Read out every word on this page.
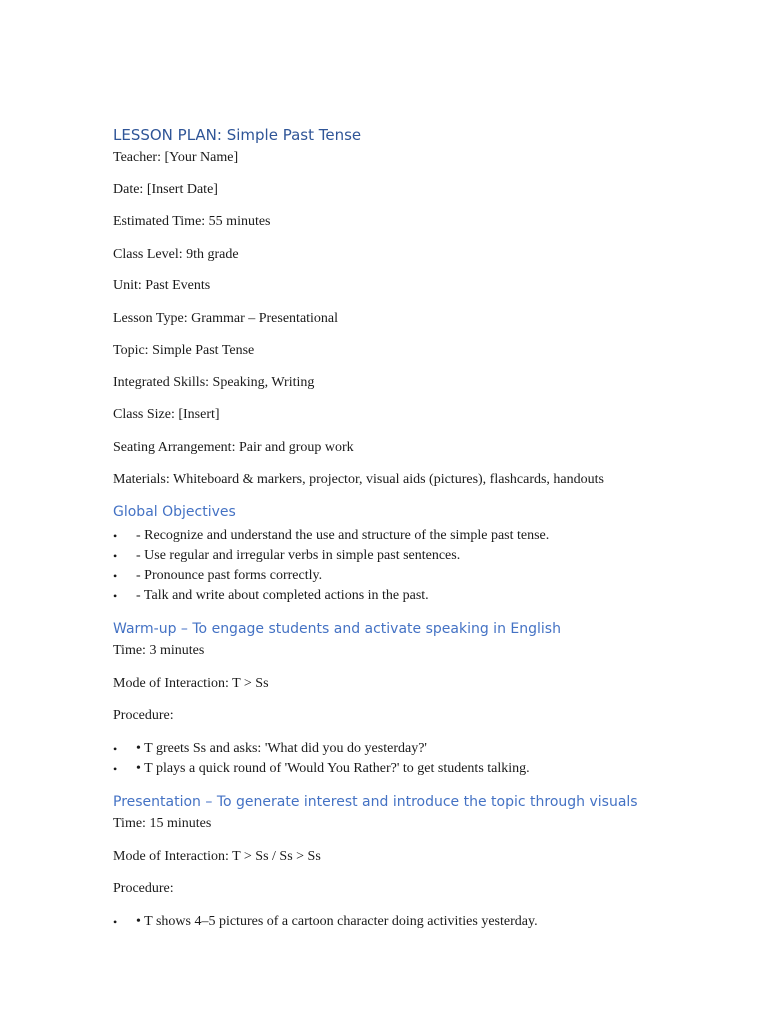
LESSON PLAN: Simple Past Tense
Teacher: [Your Name]
Date: [Insert Date]
Estimated Time: 55 minutes
Class Level: 9th grade
Unit: Past Events
Lesson Type: Grammar – Presentational
Topic: Simple Past Tense
Integrated Skills: Speaking, Writing
Class Size: [Insert]
Seating Arrangement: Pair and group work
Materials: Whiteboard & markers, projector, visual aids (pictures), flashcards, handouts
Global Objectives
• - Recognize and understand the use and structure of the simple past tense.
• - Use regular and irregular verbs in simple past sentences.
• - Pronounce past forms correctly.
• - Talk and write about completed actions in the past.
Warm-up – To engage students and activate speaking in English
Time: 3 minutes
Mode of Interaction: T > Ss
Procedure:
• • T greets Ss and asks: 'What did you do yesterday?'
• • T plays a quick round of 'Would You Rather?' to get students talking.
Presentation – To generate interest and introduce the topic through visuals
Time: 15 minutes
Mode of Interaction: T > Ss / Ss > Ss
Procedure:
• • T shows 4–5 pictures of a cartoon character doing activities yesterday.
